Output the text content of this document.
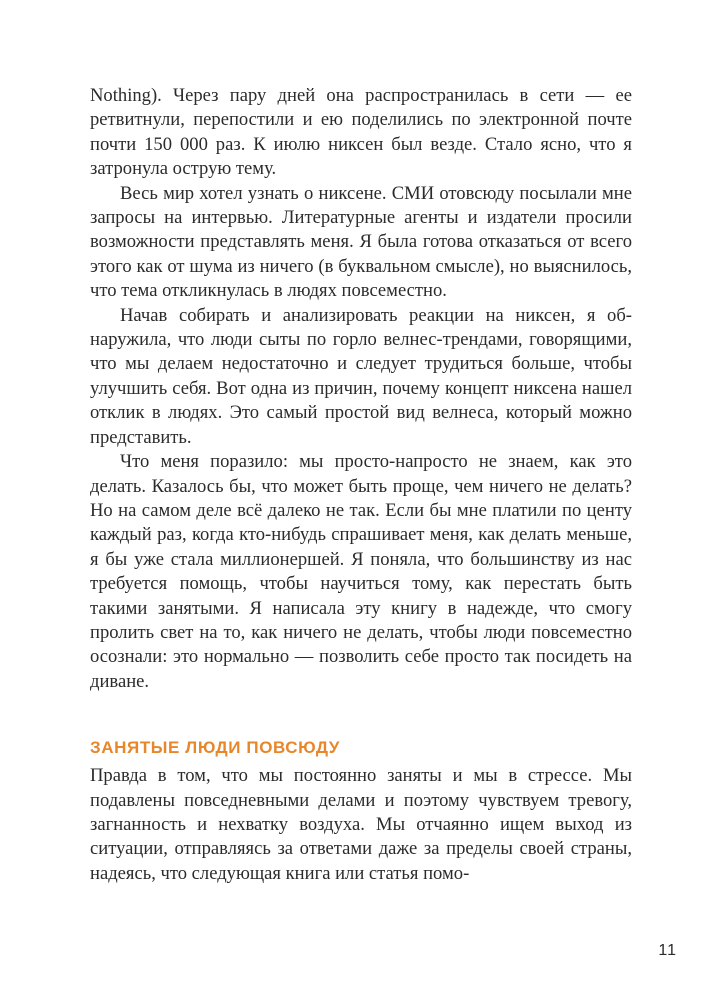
Nothing). Через пару дней она распространилась в сети — ее ретвитнули, перепостили и ею поделились по электронной почте почти 150 000 раз. К июлю никсен был везде. Стало ясно, что я затронула острую тему.

Весь мир хотел узнать о никсене. СМИ отовсюду посылали мне запросы на интервью. Литературные агенты и издатели просили возможности представлять меня. Я была готова отказаться от всего этого как от шума из ничего (в буквальном смысле), но выяснилось, что тема откликнулась в людях повсеместно.

Начав собирать и анализировать реакции на никсен, я обнаружила, что люди сыты по горло велнес-трендами, говорящими, что мы делаем недостаточно и следует трудиться больше, чтобы улучшить себя. Вот одна из причин, почему концепт никсена нашел отклик в людях. Это самый простой вид велнеса, который можно представить.

Что меня поразило: мы просто-напросто не знаем, как это делать. Казалось бы, что может быть проще, чем ничего не делать? Но на самом деле всё далеко не так. Если бы мне платили по центу каждый раз, когда кто-нибудь спрашивает меня, как делать меньше, я бы уже стала миллионершей. Я поняла, что большинству из нас требуется помощь, чтобы научиться тому, как перестать быть такими занятыми. Я написала эту книгу в надежде, что смогу пролить свет на то, как ничего не делать, чтобы люди повсеместно осознали: это нормально — позволить себе просто так посидеть на диване.

ЗАНЯТЫЕ ЛЮДИ ПОВСЮДУ

Правда в том, что мы постоянно заняты и мы в стрессе. Мы подавлены повседневными делами и поэтому чувствуем тревогу, загнанность и нехватку воздуха. Мы отчаянно ищем выход из ситуации, отправляясь за ответами даже за пределы своей страны, надеясь, что следующая книга или статья помо-

11
